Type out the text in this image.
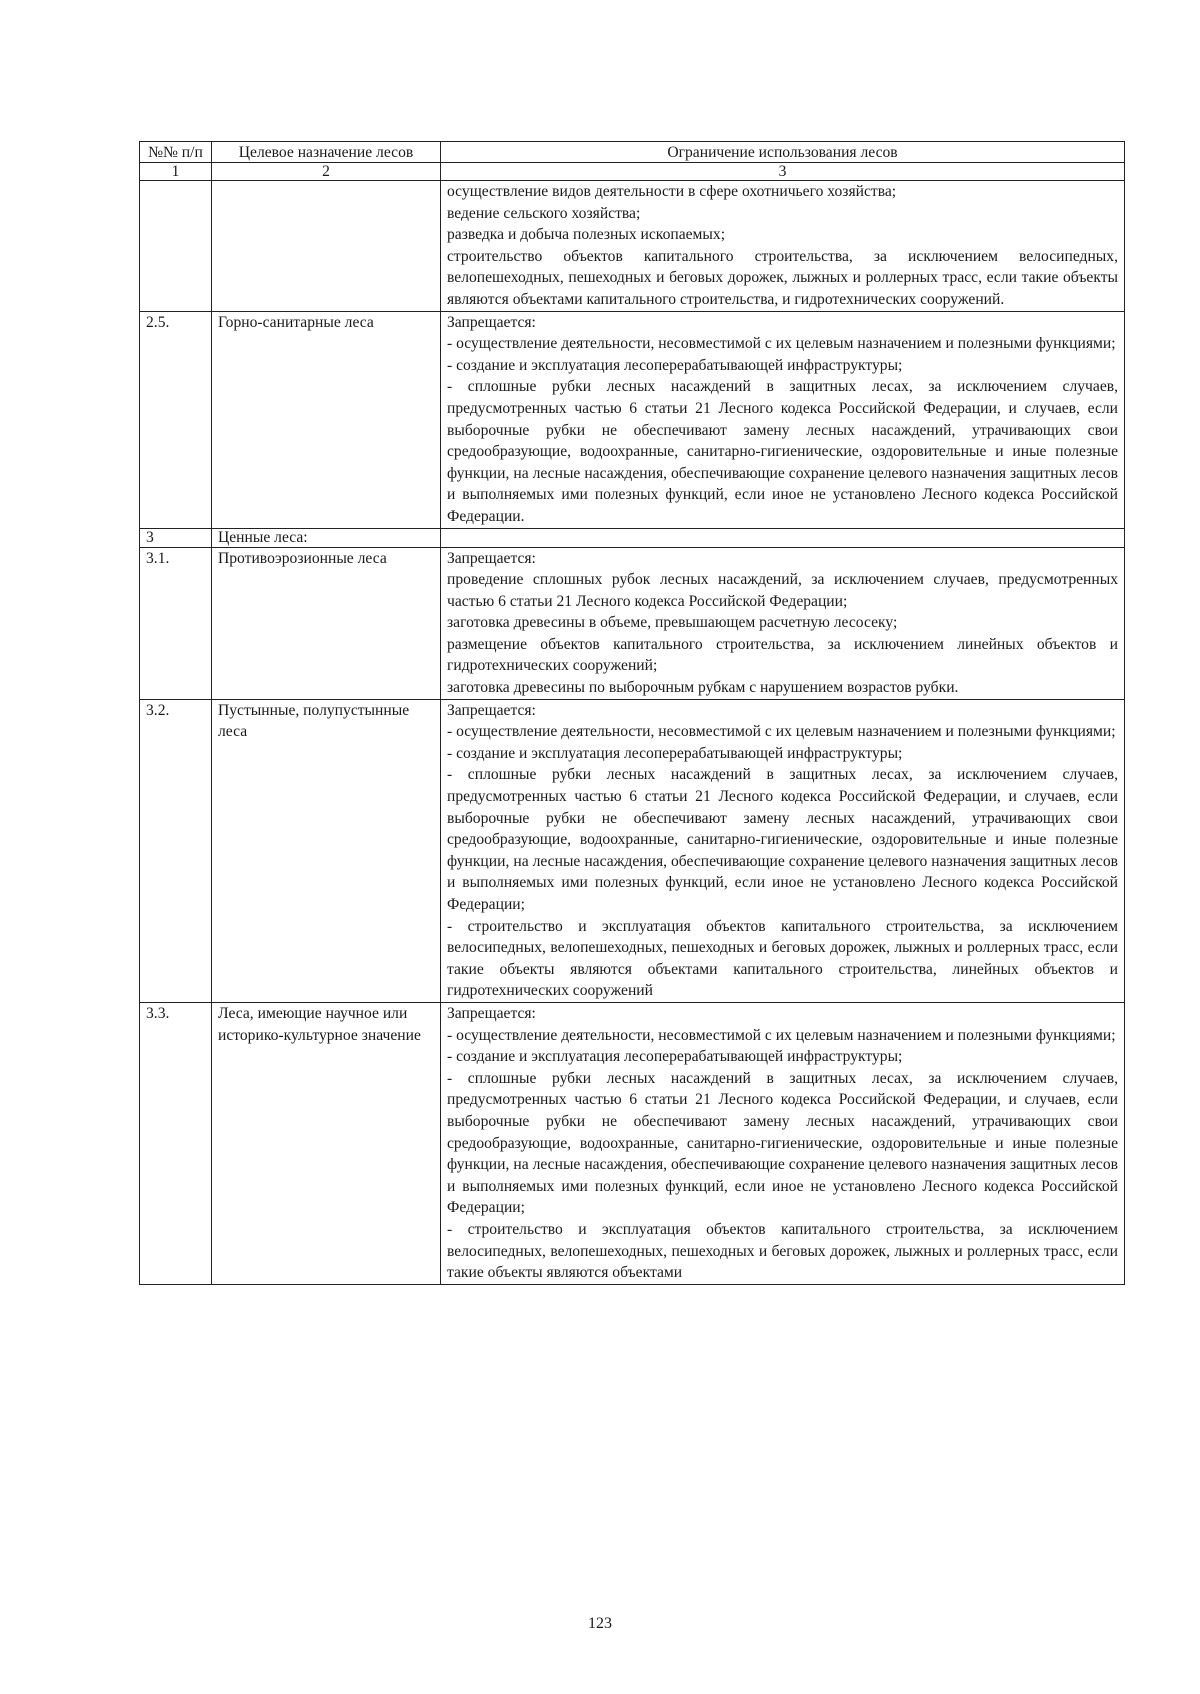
№№ п/п	Целевое назначение лесов	Ограничение использования лесов
1	2	3

		осуществление видов деятельности в сфере охотничьего хозяйства;

ведение сельского хозяйства;

разведка и добыча полезных ископаемых;

строительство объектов капитального строительства, за исключением велосипедных, велопешеходных, пешеходных и беговых дорожек, лыжных и роллерных трасс, если такие объекты являются объектами капитального строительства, и гидротехнических сооружений.

2.5.	Горно-санитарные леса	Запрещается:

- осуществление деятельности, несовместимой с их целевым назначением и полезными функциями;

- создание и эксплуатация лесоперерабатывающей инфраструктуры;

- сплошные рубки лесных насаждений в защитных лесах, за исключением случаев, предусмотренных частью 6 статьи 21 Лесного кодекса Российской Федерации, и случаев, если выборочные рубки не обеспечивают замену лесных насаждений, утрачивающих свои средообразующие, водоохранные, санитарно-гигиенические, оздоровительные и иные полезные функции, на лесные насаждения, обеспечивающие сохранение целевого назначения защитных лесов и выполняемых ими полезных функций, если иное не установлено Лесного кодекса Российской Федерации.

3	Ценные леса:	
3.1.	Противоэрозионные леса	Запрещается:

проведение сплошных рубок лесных насаждений, за исключением случаев, предусмотренных частью 6 статьи 21 Лесного кодекса Российской Федерации;

заготовка древесины в объеме, превышающем расчетную лесосеку;

размещение объектов капитального строительства, за исключением линейных объектов и гидротехнических сооружений;

заготовка древесины по выборочным рубкам с нарушением возрастов рубки.

3.2.	Пустынные, полупустынные леса	Запрещается:

- осуществление деятельности, несовместимой с их целевым назначением и полезными функциями;

- создание и эксплуатация лесоперерабатывающей инфраструктуры;

- сплошные рубки лесных насаждений в защитных лесах, за исключением случаев, предусмотренных частью 6 статьи 21 Лесного кодекса Российской Федерации, и случаев, если выборочные рубки не обеспечивают замену лесных насаждений, утрачивающих свои средообразующие, водоохранные, санитарно-гигиенические, оздоровительные и иные полезные функции, на лесные насаждения, обеспечивающие сохранение целевого назначения защитных лесов и выполняемых ими полезных функций, если иное не установлено Лесного кодекса Российской Федерации;

- строительство и эксплуатация объектов капитального строительства, за исключением велосипедных, велопешеходных, пешеходных и беговых дорожек, лыжных и роллерных трасс, если такие объекты являются объектами капитального строительства, линейных объектов и гидротехнических сооружений

3.3.	Леса, имеющие научное или историко-культурное значение	Запрещается:

- осуществление деятельности, несовместимой с их целевым назначением и полезными функциями;

- создание и эксплуатация лесоперерабатывающей инфраструктуры;

- сплошные рубки лесных насаждений в защитных лесах, за исключением случаев, предусмотренных частью 6 статьи 21 Лесного кодекса Российской Федерации, и случаев, если выборочные рубки не обеспечивают замену лесных насаждений, утрачивающих свои средообразующие, водоохранные, санитарно-гигиенические, оздоровительные и иные полезные функции, на лесные насаждения, обеспечивающие сохранение целевого назначения защитных лесов и выполняемых ими полезных функций, если иное не установлено Лесного кодекса Российской Федерации;

- строительство и эксплуатация объектов капитального строительства, за исключением велосипедных, велопешеходных, пешеходных и беговых дорожек, лыжных и роллерных трасс, если такие объекты являются объектами

123
